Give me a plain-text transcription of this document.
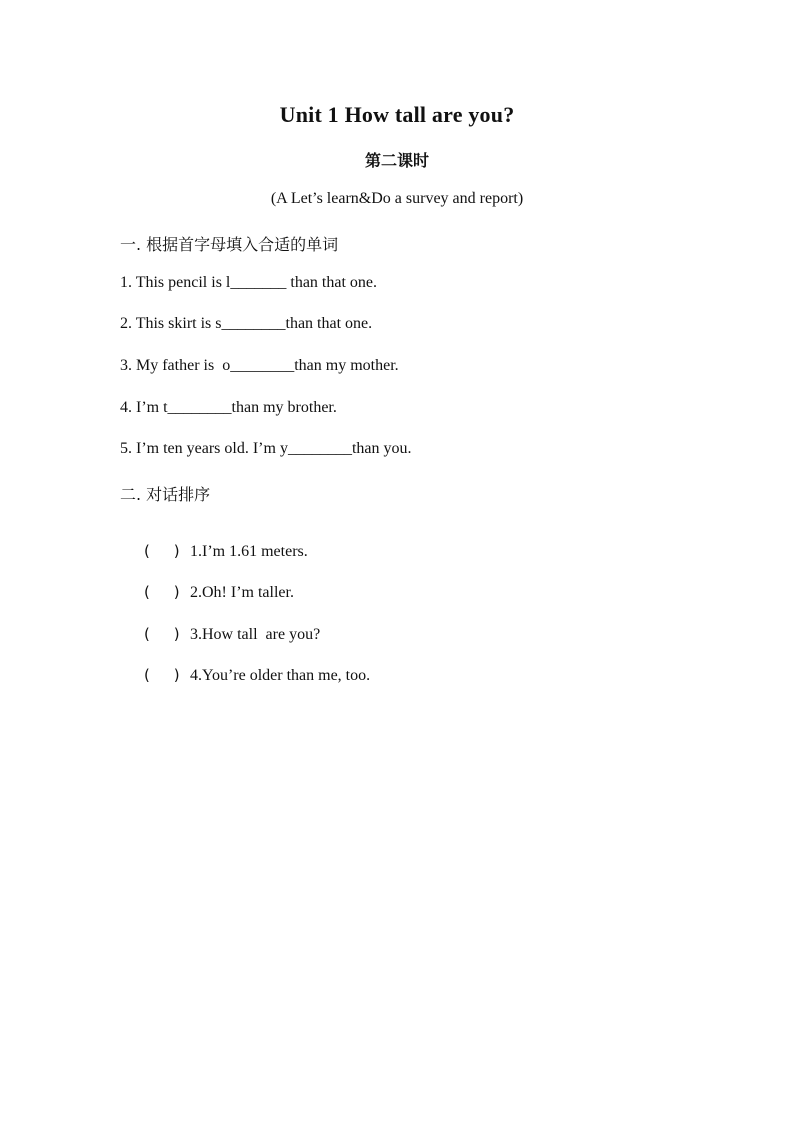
Unit 1 How tall are you?
第二课时
(A Let’s learn&Do a survey and report)
一. 根据首字母填入合适的单词
1. This pencil is l_______ than that one.
2. This skirt is s________than that one.
3. My father is  o________than my mother.
4. I’m t________than my brother.
5. I’m ten years old. I’m y________than you.
二. 对话排序

(     ) 1.I’m 1.61 meters.

(     ) 2.Oh! I’m taller.

(     ) 3.How tall  are you?

(     ) 4.You’re older than me, too.
